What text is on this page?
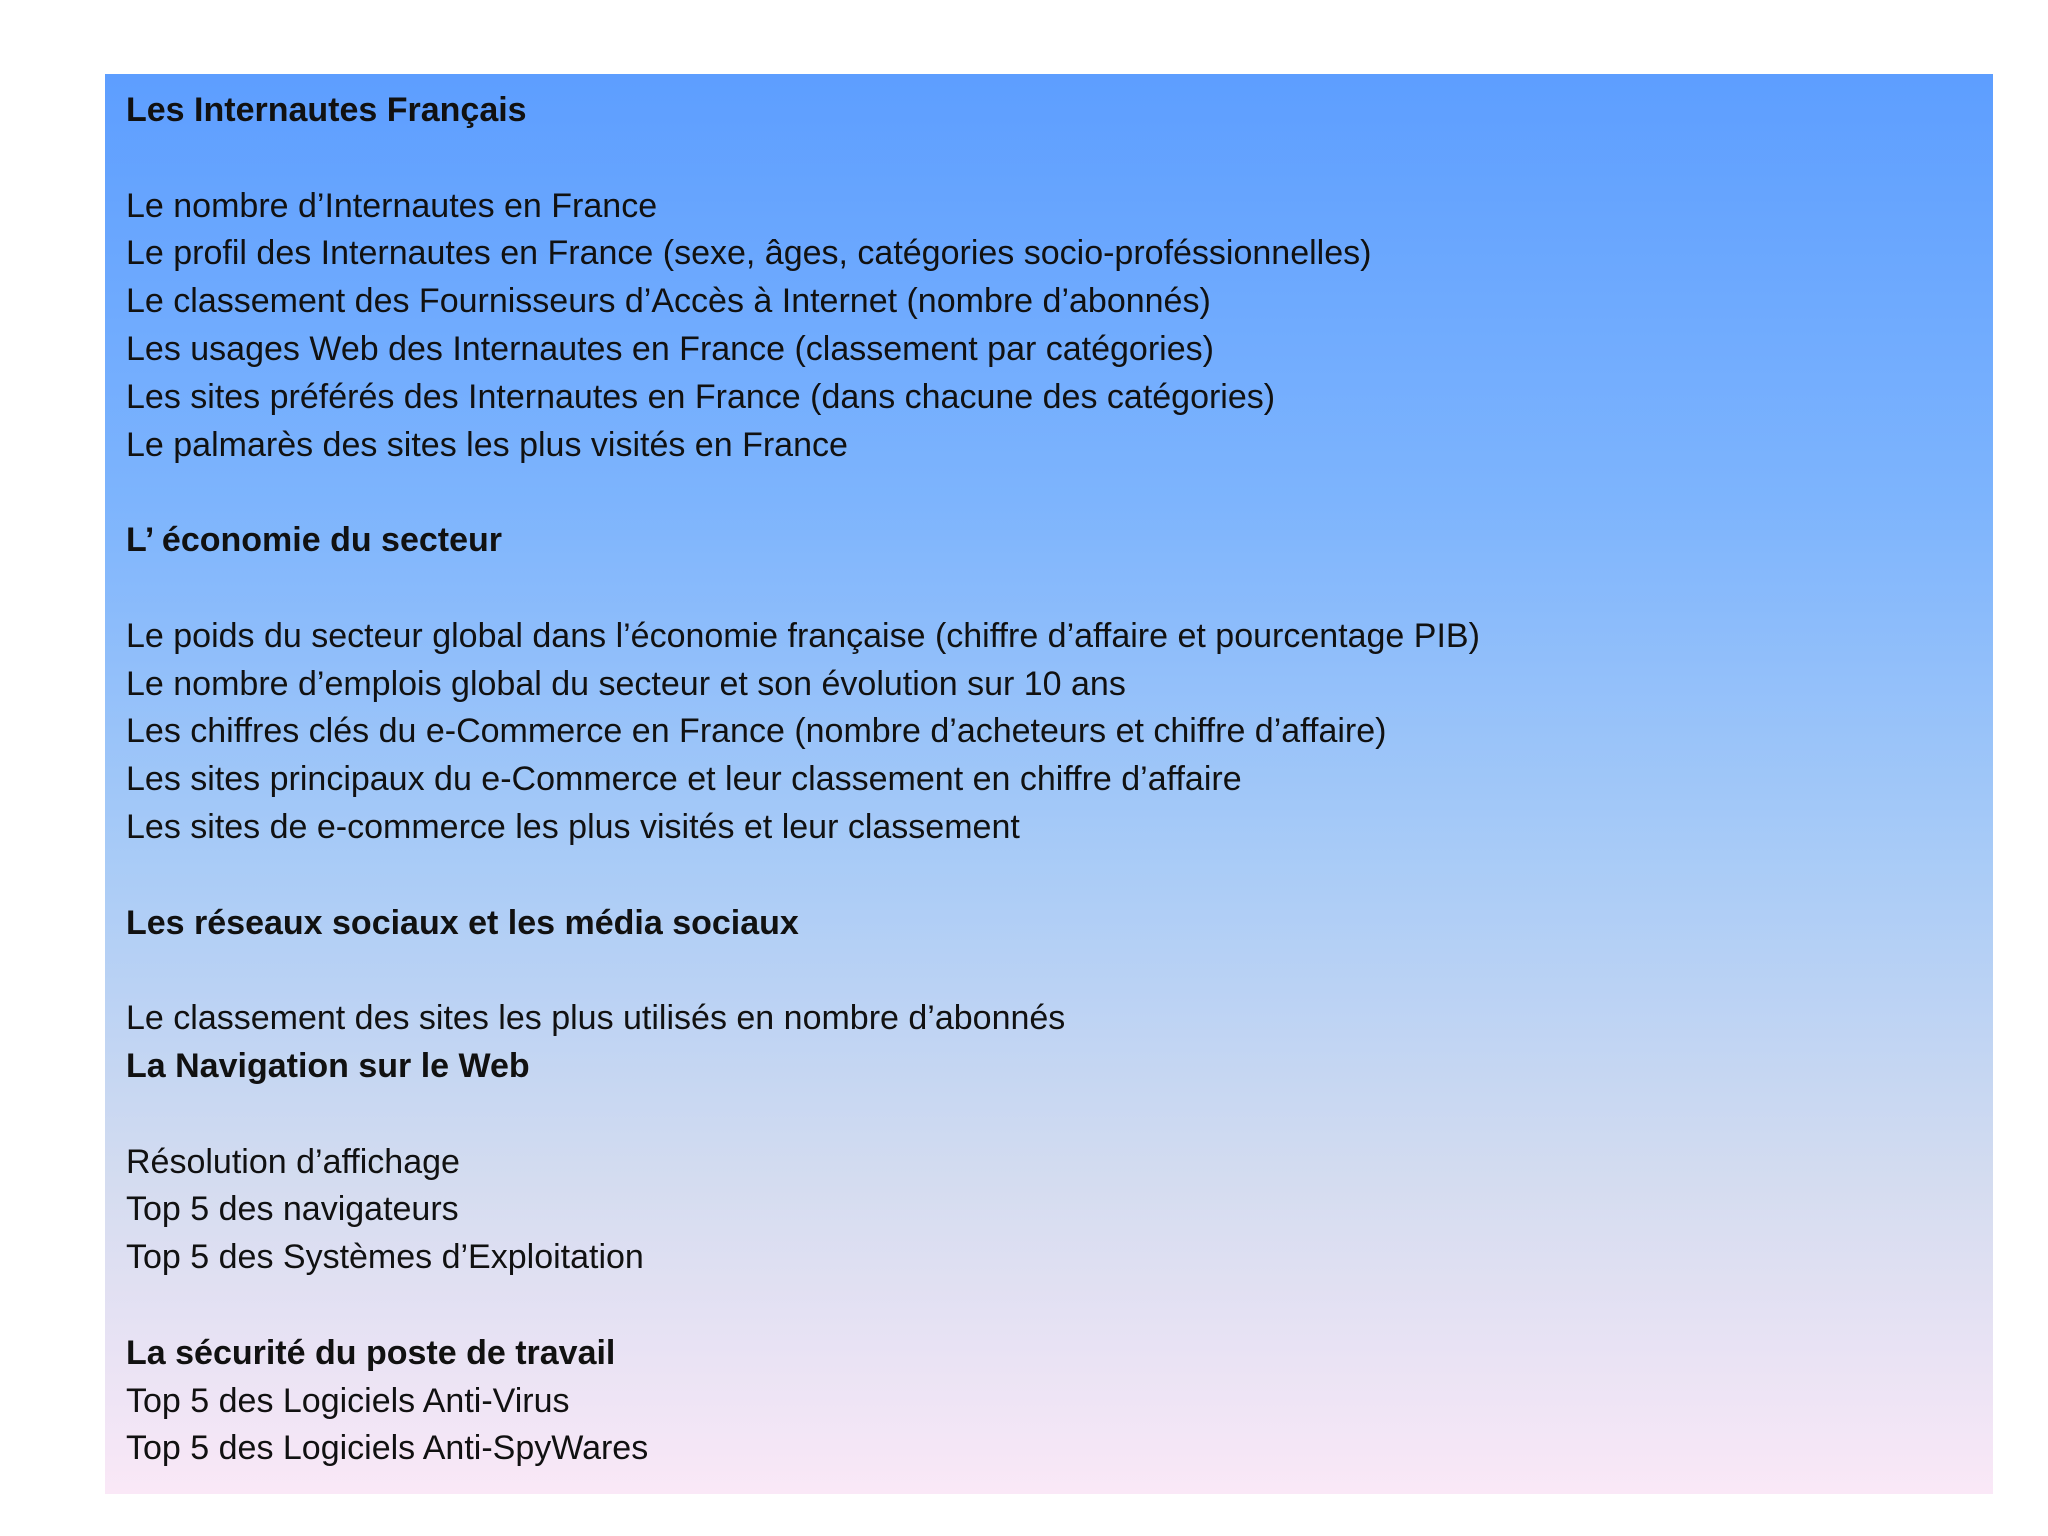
Les Internautes Français
Le nombre d’Internautes en France
Le profil des Internautes en France (sexe, âges, catégories socio-proféssionnelles)
Le classement des Fournisseurs d’Accès à Internet (nombre d’abonnés)
Les usages Web des Internautes en France (classement par catégories)
Les sites préférés des Internautes en France (dans chacune des catégories)
Le palmarès des sites les plus visités en France
L’ économie du secteur
Le poids du secteur global dans l’économie française (chiffre d’affaire et pourcentage PIB)
Le nombre d’emplois global du secteur et son évolution sur 10 ans
Les chiffres clés du e-Commerce en France (nombre d’acheteurs et chiffre d’affaire)
Les sites principaux du e-Commerce et leur classement en chiffre d’affaire
Les sites de e-commerce les plus visités et leur classement
Les réseaux sociaux et les média sociaux
Le classement des sites les plus utilisés en nombre d’abonnés
La Navigation sur le Web
Résolution d’affichage
Top 5 des navigateurs
Top 5 des Systèmes d’Exploitation
La sécurité du poste de travail
Top 5 des Logiciels Anti-Virus
Top 5 des Logiciels Anti-SpyWares
